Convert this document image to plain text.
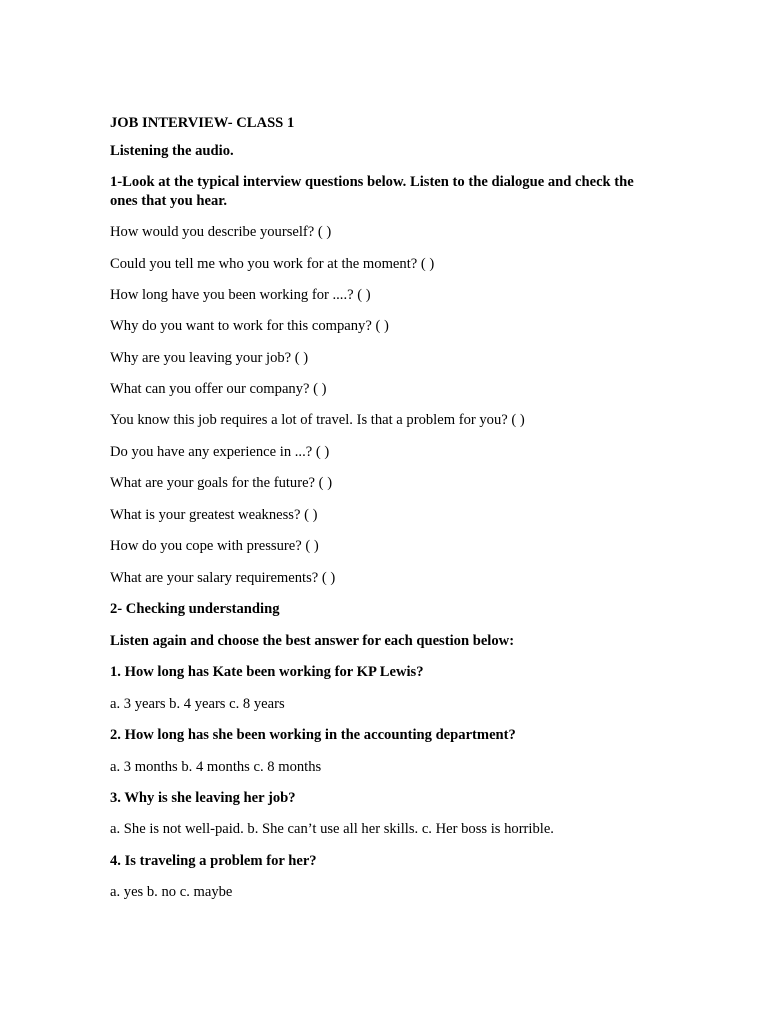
JOB INTERVIEW- CLASS 1

Listening the audio.

1-Look at the typical interview questions below. Listen to the dialogue and check the ones that you hear.

How would you describe yourself? ( )

Could you tell me who you work for at the moment? ( )

How long have you been working for ....? ( )

Why do you want to work for this company? ( )

Why are you leaving your job? ( )

What can you offer our company? ( )

You know this job requires a lot of travel. Is that a problem for you? ( )

Do you have any experience in ...? ( )

What are your goals for the future? ( )

What is your greatest weakness? ( )

How do you cope with pressure? ( )

What are your salary requirements? ( )

2- Checking understanding

Listen again and choose the best answer for each question below:

1. How long has Kate been working for KP Lewis?

a. 3 years b. 4 years c. 8 years

2. How long has she been working in the accounting department?

a. 3 months b. 4 months c. 8 months

3. Why is she leaving her job?

a. She is not well-paid. b. She can’t use all her skills. c. Her boss is horrible.

4. Is traveling a problem for her?

a. yes b. no c. maybe
